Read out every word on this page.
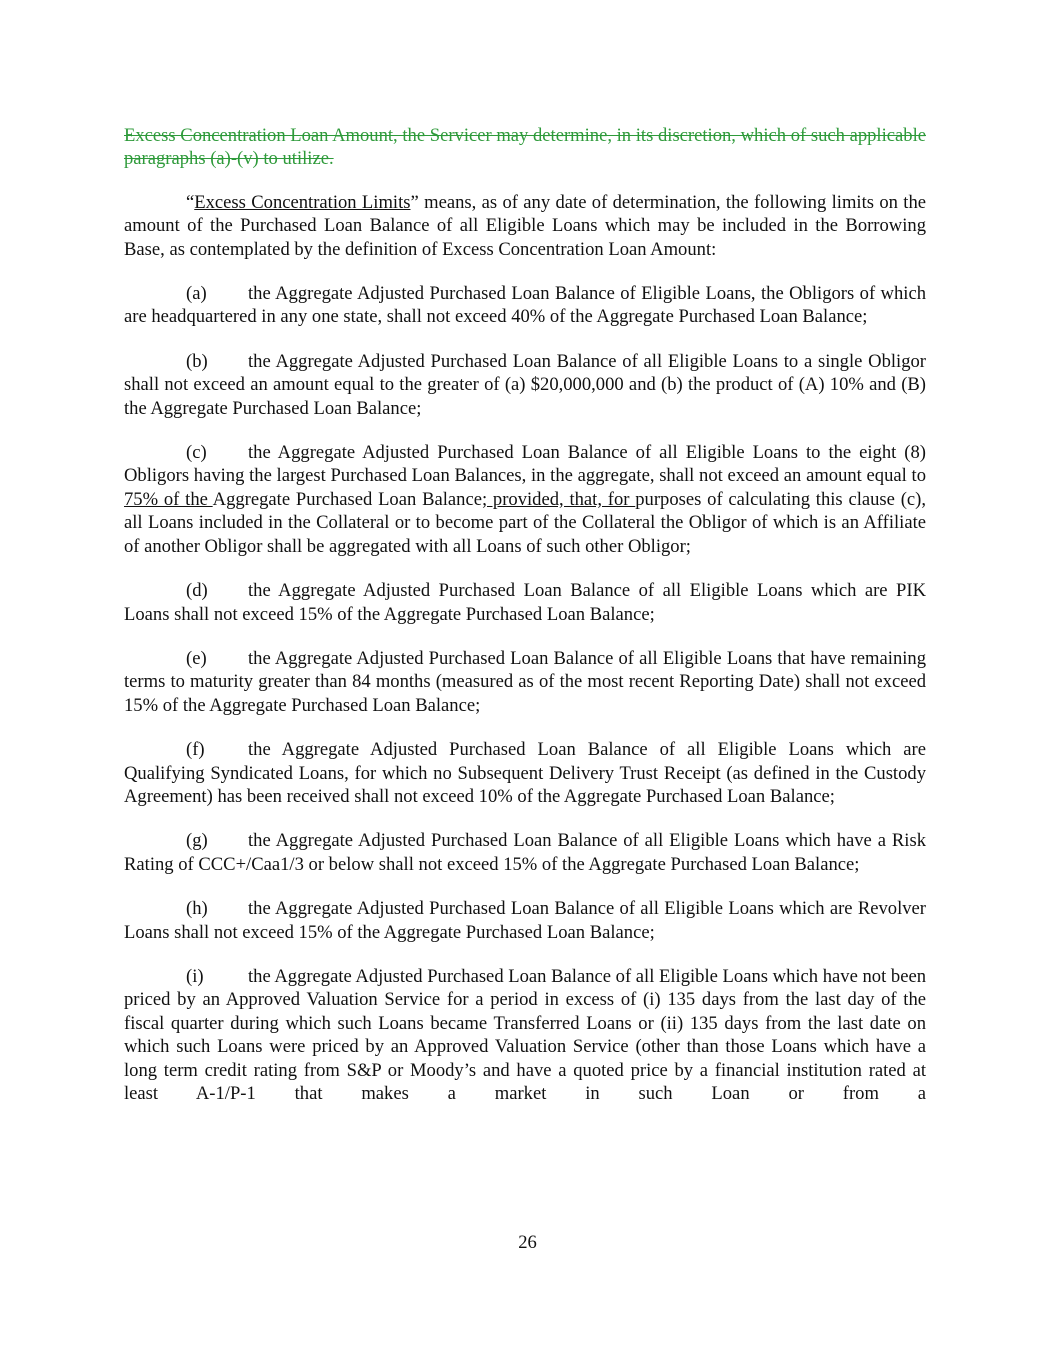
Excess Concentration Loan Amount, the Servicer may determine, in its discretion, which of such applicable paragraphs (a)-(v) to utilize.

“Excess Concentration Limits” means, as of any date of determination, the following limits on the amount of the Purchased Loan Balance of all Eligible Loans which may be included in the Borrowing Base, as contemplated by the definition of Excess Concentration Loan Amount:

(a) the Aggregate Adjusted Purchased Loan Balance of Eligible Loans, the Obligors of which are headquartered in any one state, shall not exceed 40% of the Aggregate Purchased Loan Balance;

(b) the Aggregate Adjusted Purchased Loan Balance of all Eligible Loans to a single Obligor shall not exceed an amount equal to the greater of (a) $20,000,000 and (b) the product of (A) 10% and (B) the Aggregate Purchased Loan Balance;

(c) the Aggregate Adjusted Purchased Loan Balance of all Eligible Loans to the eight (8) Obligors having the largest Purchased Loan Balances, in the aggregate, shall not exceed an amount equal to 75% of the Aggregate Purchased Loan Balance; provided, that, for purposes of calculating this clause (c), all Loans included in the Collateral or to become part of the Collateral the Obligor of which is an Affiliate of another Obligor shall be aggregated with all Loans of such other Obligor;

(d) the Aggregate Adjusted Purchased Loan Balance of all Eligible Loans which are PIK Loans shall not exceed 15% of the Aggregate Purchased Loan Balance;

(e) the Aggregate Adjusted Purchased Loan Balance of all Eligible Loans that have remaining terms to maturity greater than 84 months (measured as of the most recent Reporting Date) shall not exceed 15% of the Aggregate Purchased Loan Balance;

(f) the Aggregate Adjusted Purchased Loan Balance of all Eligible Loans which are Qualifying Syndicated Loans, for which no Subsequent Delivery Trust Receipt (as defined in the Custody Agreement) has been received shall not exceed 10% of the Aggregate Purchased Loan Balance;

(g) the Aggregate Adjusted Purchased Loan Balance of all Eligible Loans which have a Risk Rating of CCC+/Caa1/3 or below shall not exceed 15% of the Aggregate Purchased Loan Balance;

(h) the Aggregate Adjusted Purchased Loan Balance of all Eligible Loans which are Revolver Loans shall not exceed 15% of the Aggregate Purchased Loan Balance;

(i) the Aggregate Adjusted Purchased Loan Balance of all Eligible Loans which have not been priced by an Approved Valuation Service for a period in excess of (i) 135 days from the last day of the fiscal quarter during which such Loans became Transferred Loans or (ii) 135 days from the last date on which such Loans were priced by an Approved Valuation Service (other than those Loans which have a long term credit rating from S&P or Moody’s and have a quoted price by a financial institution rated at least A-1/P-1 that makes a market in such Loan or from a

26
